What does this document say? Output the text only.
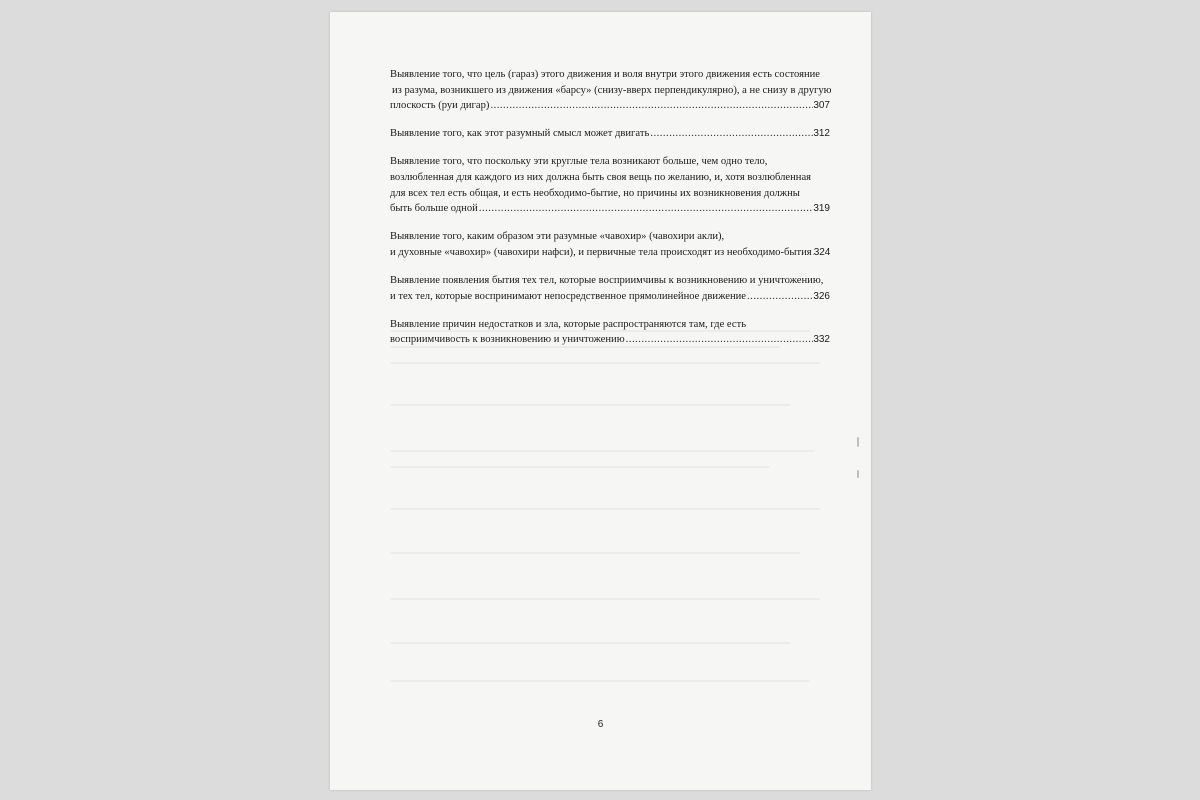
Выявление того, что цель (гараз) этого движения и воля внутри этого движения есть состояние
из разума, возникшего из движения «барсу» (снизу-вверх перпендикулярно), а не снизу в другую
плоскость (руи дигар) .....	307
Выявление того, как этот разумный смысл может двигать .....	312
Выявление того, что поскольку эти круглые тела возникают больше, чем одно тело,
возлюбленная для каждого из них должна быть своя вещь по желанию, и, хотя возлюбленная
для всех тел есть общая, и есть необходимо-бытие, но причины их возникновения должны
быть больше одной .....	319
Выявление того, каким образом эти разумные «чавохир» (чавохири акли),
и духовные «чавохир» (чавохири нафси), и первичные тела происходят из необходимо-бытия ..... 324
Выявление появления бытия тех тел, которые восприимчивы к возникновению и уничтожению,
и тех тел, которые воспринимают непосредственное прямолинейное движение .....	326
Выявление причин недостатков и зла, которые распространяются там, где есть
восприимчивость к возникновению и уничтожению .....	332
6
